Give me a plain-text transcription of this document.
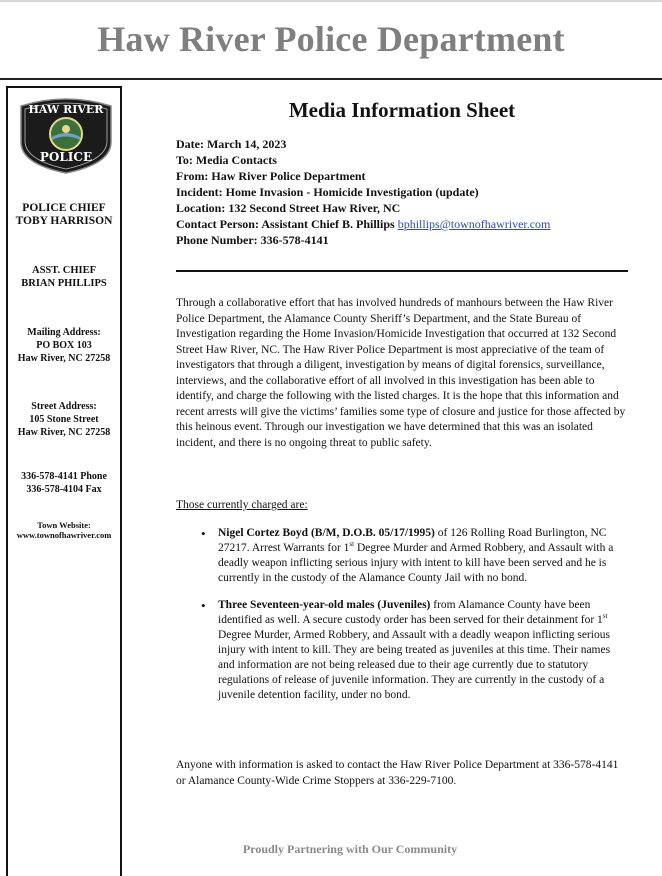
Haw River Police Department
HAW RIVER
POLICE
POLICE CHIEF
TOBY HARRISON
ASST. CHIEF
BRIAN PHILLIPS
Mailing Address:
PO BOX 103
Haw River, NC 27258
Street Address:
105 Stone Street
Haw River, NC 27258
336-578-4141 Phone
336-578-4104 Fax
Town Website:
www.townofhawriver.com
Media Information Sheet
Date: March 14, 2023
To: Media Contacts
From: Haw River Police Department
Incident: Home Invasion - Homicide Investigation (update)
Location: 132 Second Street Haw River, NC
Contact Person: Assistant Chief B. Phillips bphillips@townofhawriver.com
Phone Number: 336-578-4141
Through a collaborative effort that has involved hundreds of manhours between the Haw River Police Department, the Alamance County Sheriff’s Department, and the State Bureau of Investigation regarding the Home Invasion/Homicide Investigation that occurred at 132 Second Street Haw River, NC. The Haw River Police Department is most appreciative of the team of investigators that through a diligent, investigation by means of digital forensics, surveillance, interviews, and the collaborative effort of all involved in this investigation has been able to identify, and charge the following with the listed charges. It is the hope that this information and recent arrests will give the victims’ families some type of closure and justice for those affected by this heinous event. Through our investigation we have determined that this was an isolated incident, and there is no ongoing threat to public safety.
Those currently charged are:
• Nigel Cortez Boyd (B/M, D.O.B. 05/17/1995) of 126 Rolling Road Burlington, NC 27217. Arrest Warrants for 1st Degree Murder and Armed Robbery, and Assault with a deadly weapon inflicting serious injury with intent to kill have been served and he is currently in the custody of the Alamance County Jail with no bond.
• Three Seventeen-year-old males (Juveniles) from Alamance County have been identified as well. A secure custody order has been served for their detainment for 1st Degree Murder, Armed Robbery, and Assault with a deadly weapon inflicting serious injury with intent to kill. They are being treated as juveniles at this time. Their names and information are not being released due to their age currently due to statutory regulations of release of juvenile information. They are currently in the custody of a juvenile detention facility, under no bond.
Anyone with information is asked to contact the Haw River Police Department at 336-578-4141 or Alamance County-Wide Crime Stoppers at 336-229-7100.
Proudly Partnering with Our Community
